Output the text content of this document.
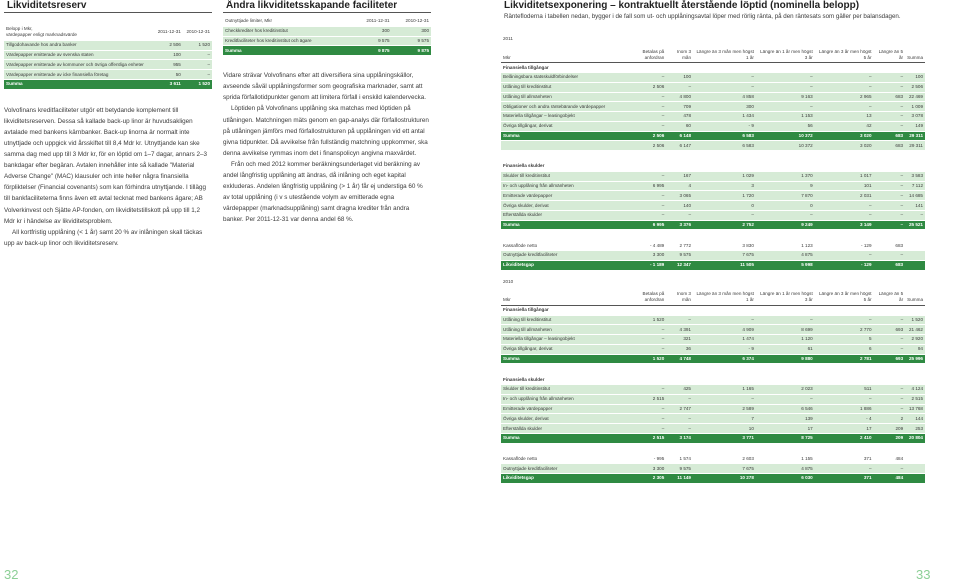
Likviditetsreserv
Belopp i Mkr,
värdepapper enligt marknadsvärde	2011-12-31	2010-12-31
Tillgodohavande hos andra banker	2 506	1 520
Värdepapper emitterade av svenska staten	100	–
Värdepapper emitterade av kommuner och övriga offentliga enheter	955	–
Värdepapper emitterade av icke finansiella företag	50	–
Summa	3 611	1 520

Volvofinans kreditfaciliteter utgör ett betydande komplement till likviditetsreserven. Dessa så kallade back-up linor är huvudsakligen avtalade med bankens kärnbanker. Back-up linorna är normalt inte utnyttjade och uppgick vid årsskiftet till 8,4 Mdr kr. Utnyttjande kan ske samma dag med upp till 3 Mdr kr, för en löptid om 1–7 dagar, annars 2–3 bankdagar efter begäran. Avtalen innehåller inte så kallade "Material Adverse Change" (MAC) klausuler och inte heller några finansiella förpliktelser (Financial covenants) som kan förhindra utnyttjande. I tillägg till bankfaciliteterna finns även ett avtal tecknat med bankens ägare; AB Volverkinvest och Sjätte AP-fonden, om likviditetstillskott på upp till 1,2 Mdr kr i händelse av likviditetsproblem.

All kortfristig upplåning (< 1 år) samt 20 % av inlåningen skall täckas upp av back-up linor och likviditetsreserv.

32
Ändra likviditetsskapande faciliteter
Outnyttjade limiter, Mkr	2011-12-31	2010-12-31
Checkkrediter hos kreditinstitut	300	300
Kreditfaciliteter hos kreditinstitut och ägare	9 575	9 575
Summa	9 875	9 875

Vidare strävar Volvofinans efter att diversifiera sina upplåningskällor, avseende såväl upplåningsformer som geografiska marknader, samt att sprida förfallotidpunkter genom att limitera förfall i enskild kalendervecka.

Löptiden på Volvofinans upplåning ska matchas med löptiden på utlåningen. Matchningen mäts genom en gap-analys där förfallostrukturen på utlåningen jämförs med förfallostrukturen på upplåningen vid ett antal givna tidpunkter. Då avvikelse från fullständig matchning uppkommer, ska denna avvikelse rymmas inom det i finanspolicyn angivna maxvärdet.

Från och med 2012 kommer beräkningsunderlaget vid beräkning av andel långfristig upplåning att ändras, då inlåning och eget kapital exkluderas. Andelen långfristig upplåning (> 1 år) får ej understiga 60 % av total upplåning (i v s utestående volym av emitterade egna värdepapper (marknadsupplåning) samt dragna krediter från andra banker. Per 2011-12-31 var denna andel 68 %.

Likviditetsexponering – kontraktuellt återstående löptid (nominella belopp)
Räntefloderna i tabellen nedan, bygger i de fall som ut- och upplåningsavtal löper med rörlig ränta, på den räntesats som gäller per balansdagen.
2011							
Mkr	Betalas på anfordran	Inom 3 mån	Längre än 3 mån men högst 1 år	Längre än 1 år men högst 3 år	Längre än 3 år men högst 5 år	Längre än 5 år	Summa
Finansiella tillgångar							
Belåningsbara statsskuldförbindelser	–	100	–	–	–	–	100
Utlåning till kreditinstitut	2 506	–	–	–	–	–	2 506
Utlåning till allmänheten	–	4 800	4 858	9 163	2 965	683	22 469
Obligationer och andra räntebärande värdepapper	–	709	300	–	–	–	1 009
Materiella tillgångar – leasingobjekt	–	478	1 434	1 153	13	–	3 078
Övriga tillgångar, derivat	–	60	- 9	56	42	–	149
Summa	2 506	6 148	6 583	10 372	3 020	683	29 311
	2 506	6 147	6 583	10 372	3 020	683	29 311

Finansiella skulder							
Skulder till kreditinstitut	–	167	1 029	1 370	1 017	–	3 583
In- och upplåning från allmänheten	6 995	4	3	9	101	–	7 112
Emitterade värdepapper	–	3 065	1 720	7 870	2 031	–	14 685
Övriga skulder, derivat	–	140	0	0	–	–	141
Efterställda skulder	–	–	–	–	–	–	–
Summa	6 995	3 376	2 752	9 249	3 149	–	25 521

Kassaflöde netto	- 4 489	2 772	3 830	1 123	- 129	683	
Outnyttjade kreditfaciliteter	3 300	9 575	7 675	4 875	–	–	
Likviditetsgap	- 1 189	12 347	11 505	5 998	- 129	683	
2010							
Mkr	Betalas på anfordran	Inom 3 mån	Längre än 3 mån men högst 1 år	Längre än 1 år men högst 3 år	Längre än 3 år men högst 5 år	Längre än 5 år	Summa
Finansiella tillgångar							
Utlåning till kreditinstitut	1 520	–	–	–	–	–	1 520
Utlåning till allmänheten	–	4 391	4 909	8 699	2 770	693	21 462
Materiella tillgångar – leasingobjekt	–	321	1 474	1 120	5	–	2 920
Övriga tillgångar, derivat	–	36	- 9	61	6	–	94
Summa	1 520	4 748	6 374	9 880	2 781	693	25 996

Finansiella skulder							
Skulder till kreditinstitut	–	425	1 165	2 023	511	–	4 124
In- och upplåning från allmänheten	2 515	–	–	–	–	–	2 515
Emitterade värdepapper	–	2 747	2 589	6 546	1 886	–	13 768
Övriga skulder, derivat	–	–	7	139	- 4	2	144
Efterställda skulder	–	–	10	17	17	209	253
Summa	2 515	3 174	3 771	8 725	2 410	209	20 804

Kassaflöde netto	- 995	1 574	2 603	1 155	371	484	
Outnyttjade kreditfaciliteter	3 300	9 575	7 675	4 875	–	–	
Likviditetsgap	2 305	11 149	10 278	6 030	371	484	
33
